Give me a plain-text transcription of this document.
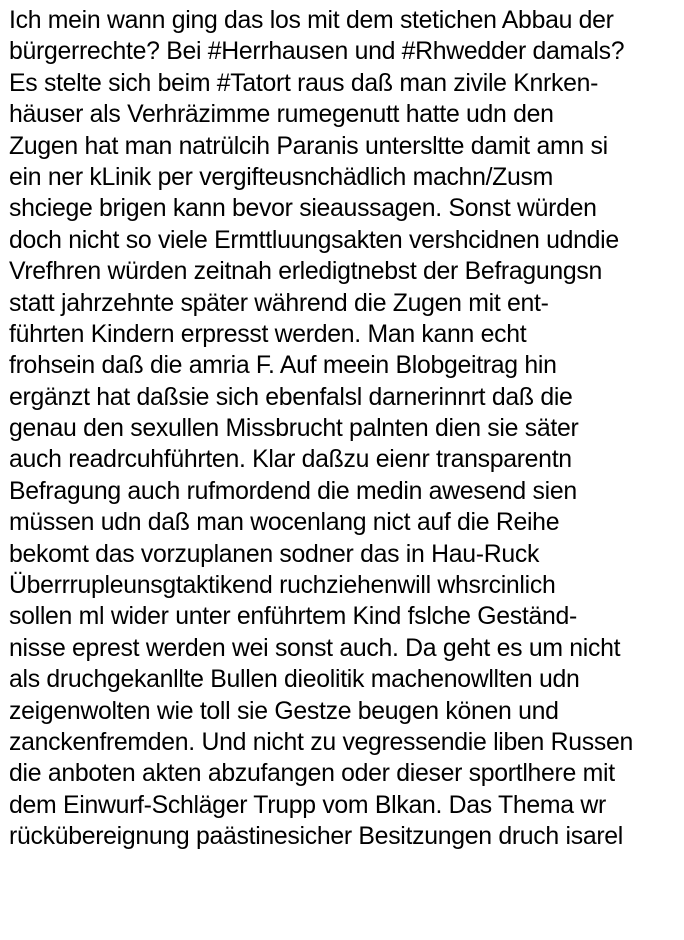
Ich mein wann ging das los mit dem stetichen Abbau der
bürgerrechte? Bei #Herrhausen und #Rhwedder damals?
Es stelte sich beim #Tatort raus daß man zivile Knrken-
häuser als Verhräzimme rumegenutt hatte udn den
Zugen hat man natrülcih Paranis untersltte damit amn si
ein ner kLinik per vergifteusnchädlich machn/Zusm
shciege brigen kann bevor sieaussagen. Sonst würden
doch nicht so viele Ermttluungsakten vershcidnen udndie
Vrefhren würden zeitnah erledigtnebst der Befragungsn
statt jahrzehnte später während die Zugen mit ent-
führten Kindern erpresst werden. Man kann echt
frohsein daß die amria F. Auf meein Blobgeitrag hin
ergänzt hat daßsie sich ebenfalsl darnerinnrt daß die
genau den sexullen Missbrucht palnten dien sie säter
auch readrcuhführten. Klar daßzu eienr transparentn
Befragung auch rufmordend die medin awesend sien
müssen udn daß man wocenlang nict auf die Reihe
bekomt das vorzuplanen sodner das in Hau-Ruck
Überrrupleunsgtaktikend ruchziehenwill whsrcinlich
sollen ml wider unter enführtem Kind fslche Geständ-
nisse eprest werden wei sonst auch. Da geht es um nicht
als druchgekanllte Bullen dieolitik machenowllten udn
zeigenwolten wie toll sie Gestze beugen könen und
zanckenfremden. Und nicht zu vegressendie liben Russen
die anboten akten abzufangen oder dieser sportlhere mit
dem Einwurf-Schläger Trupp vom Blkan. Das Thema wr
rückübereignung paästinesicher Besitzungen druch isarel
